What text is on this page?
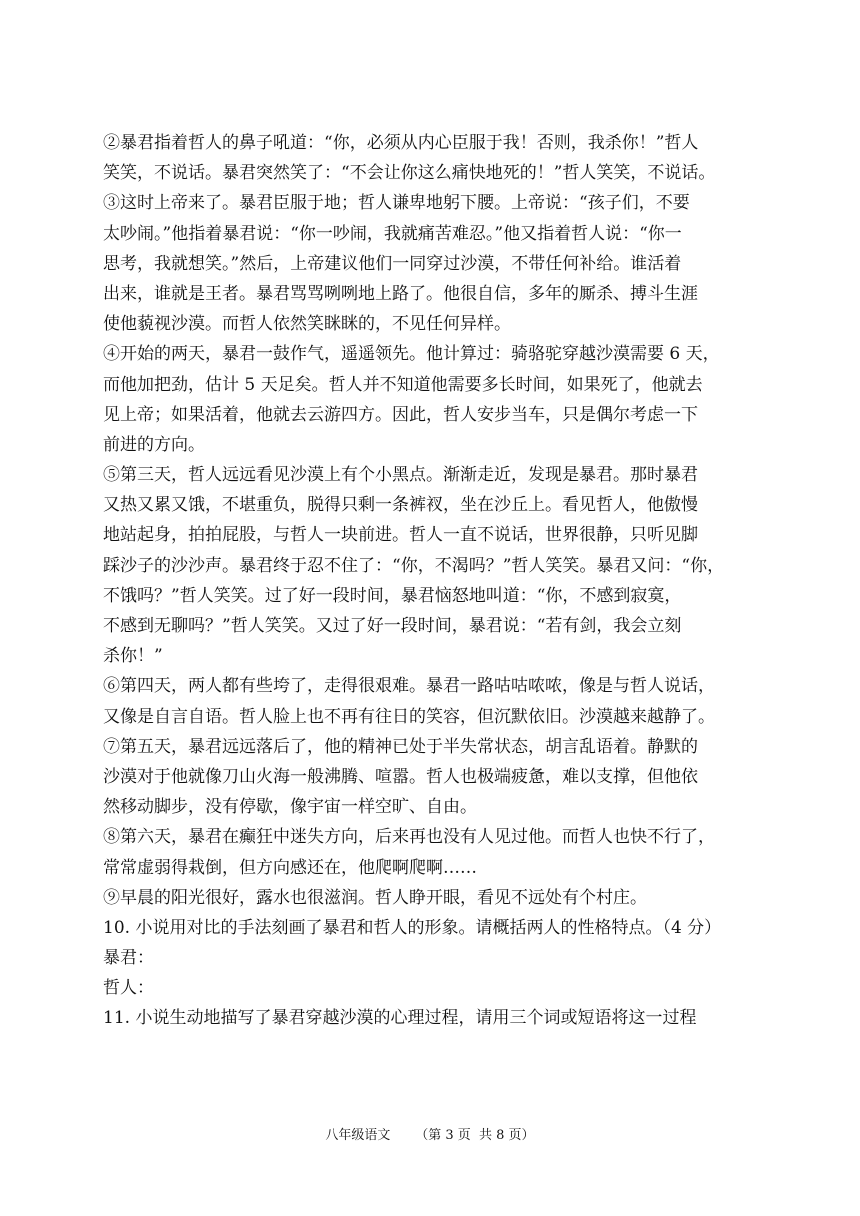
②暴君指着哲人的鼻子吼道：“你，必须从内心臣服于我！否则，我杀你！”哲人
笑笑，不说话。暴君突然笑了：“不会让你这么痛快地死的！”哲人笑笑，不说话。
③这时上帝来了。暴君臣服于地；哲人谦卑地躬下腰。上帝说：“孩子们，不要
太吵闹。”他指着暴君说：“你一吵闹，我就痛苦难忍。”他又指着哲人说：“你一
思考，我就想笑。”然后，上帝建议他们一同穿过沙漠，不带任何补给。谁活着
出来，谁就是王者。暴君骂骂咧咧地上路了。他很自信，多年的厮杀、搏斗生涯
使他藐视沙漠。而哲人依然笑眯眯的，不见任何异样。
④开始的两天，暴君一鼓作气，遥遥领先。他计算过：骑骆驼穿越沙漠需要 6 天，
而他加把劲，估计 5 天足矣。哲人并不知道他需要多长时间，如果死了，他就去
见上帝；如果活着，他就去云游四方。因此，哲人安步当车，只是偶尔考虑一下
前进的方向。
⑤第三天，哲人远远看见沙漠上有个小黑点。渐渐走近，发现是暴君。那时暴君
又热又累又饿，不堪重负，脱得只剩一条裤衩，坐在沙丘上。看见哲人，他傲慢
地站起身，拍拍屁股，与哲人一块前进。哲人一直不说话，世界很静，只听见脚
踩沙子的沙沙声。暴君终于忍不住了：“你，不渴吗？”哲人笑笑。暴君又问：“你，
不饿吗？”哲人笑笑。过了好一段时间，暴君恼怒地叫道：“你，不感到寂寞，
不感到无聊吗？”哲人笑笑。又过了好一段时间，暴君说：“若有剑，我会立刻
杀你！”
⑥第四天，两人都有些垮了，走得很艰难。暴君一路咕咕哝哝，像是与哲人说话，
又像是自言自语。哲人脸上也不再有往日的笑容，但沉默依旧。沙漠越来越静了。
⑦第五天，暴君远远落后了，他的精神已处于半失常状态，胡言乱语着。静默的
沙漠对于他就像刀山火海一般沸腾、喧嚣。哲人也极端疲惫，难以支撑，但他依
然移动脚步，没有停歇，像宇宙一样空旷、自由。
⑧第六天，暴君在癫狂中迷失方向，后来再也没有人见过他。而哲人也快不行了，
常常虚弱得栽倒，但方向感还在，他爬啊爬啊……
⑨早晨的阳光很好，露水也很滋润。哲人睁开眼，看见不远处有个村庄。
10. 小说用对比的手法刻画了暴君和哲人的形象。请概括两人的性格特点。（4 分）
暴君：
哲人：
11. 小说生动地描写了暴君穿越沙漠的心理过程，请用三个词或短语将这一过程
八年级语文      （第 3 页  共 8 页）
